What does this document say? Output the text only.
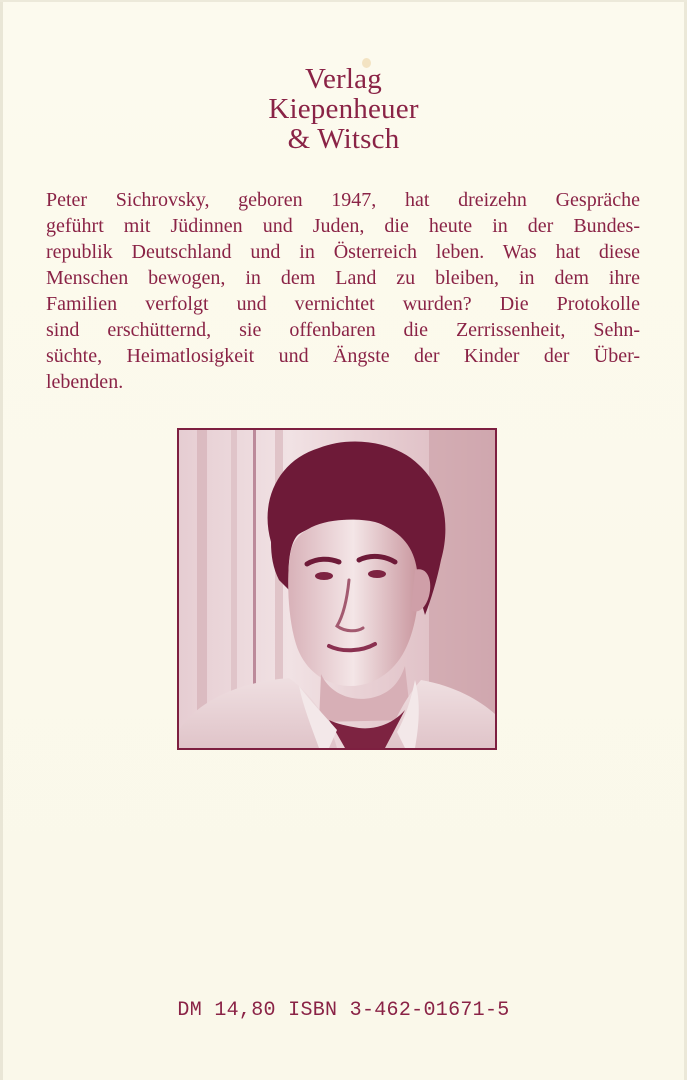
Verlag
Kiepenheuer
& Witsch
Peter Sichrovsky, geboren 1947, hat dreizehn Gespräche
geführt mit Jüdinnen und Juden, die heute in der Bundes-
republik Deutschland und in Österreich leben. Was hat diese
Menschen bewogen, in dem Land zu bleiben, in dem ihre
Familien verfolgt und vernichtet wurden? Die Protokolle
sind erschütternd, sie offenbaren die Zerrissenheit, Sehn-
süchte, Heimatlosigkeit und Ängste der Kinder der Über-
lebenden.
DM 14,80 ISBN 3-462-01671-5
